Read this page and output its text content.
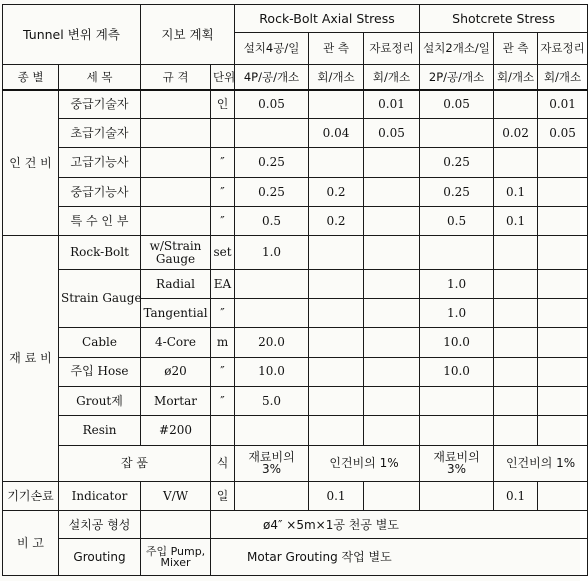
Tunnel 변위 계측		지보 계획		Rock-Bolt Axial Stress			Shotcrete Stress		
				설치4공/일	관 측	자료정리	설치2개소/일	관 측	자료정리
종 별	세 목	규 격	단위	4P/공/개소	회/개소	회/개소	2P/공/개소	회/개소	회/개소
인 건 비	중급기술자		인	0.05		0.01	0.05		0.01
	초급기술자				0.04	0.05		0.02	0.05
	고급기능사		″	0.25			0.25		
	중급기능사		″	0.25	0.2		0.25	0.1	
	특 수 인 부		″	0.5	0.2		0.5	0.1	
재 료 비	Rock-Bolt	w/Strain Gauge	set	1.0					
	Strain Gauge	Radial	EA				1.0		
		Tangential	″				1.0		
	Cable	4-Core	m	20.0			10.0		
	주입 Hose	ø20	″	10.0			10.0		
	Grout제	Mortar	″	5.0					
	Resin	#200							
	잡 품		식	재료비의 3%	인건비의 1%		재료비의 3%	인건비의 1%	
기기손료	Indicator	V/W	일		0.1			0.1	
비 고	설치공 형성		ø4″ ×5m×1공 천공 별도						
	Grouting	주입 Pump, Mixer	Motar Grouting 작업 별도						
